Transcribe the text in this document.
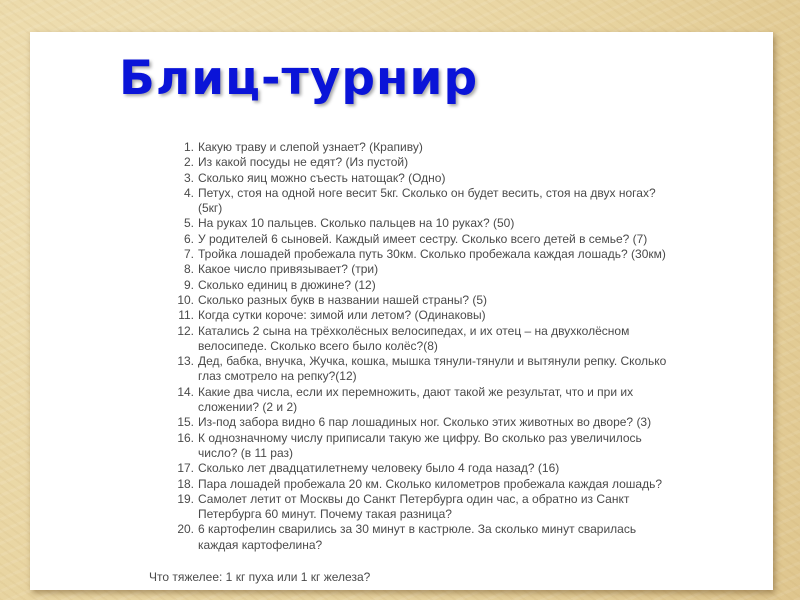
Блиц-турнир
1. Какую траву и слепой узнает? (Крапиву)
2. Из какой посуды не едят? (Из пустой)
3. Сколько яиц можно съесть натощак? (Одно)
4. Петух, стоя на одной ноге весит 5кг. Сколько он будет весить, стоя на двух ногах? (5кг)
5. На руках 10 пальцев. Сколько пальцев на 10 руках? (50)
6. У родителей 6 сыновей. Каждый имеет сестру. Сколько всего детей в семье? (7)
7. Тройка лошадей пробежала путь 30км. Сколько пробежала каждая лошадь? (30км)
8. Какое число привязывает? (три)
9. Сколько единиц в дюжине? (12)
10. Сколько разных букв в названии нашей страны? (5)
11. Когда сутки короче: зимой или летом? (Одинаковы)
12. Катались 2 сына на трёхколёсных велосипедах, и их отец – на двухколёсном велосипеде. Сколько всего было колёс?(8)
13. Дед, бабка, внучка, Жучка, кошка, мышка тянули-тянули и вытянули репку. Сколько глаз смотрело на репку?(12)
14. Какие два числа, если их перемножить, дают такой же результат, что и при их сложении? (2 и 2)
15. Из-под забора видно 6 пар лошадиных ног. Сколько этих животных во дворе? (3)
16. К однозначному числу приписали такую же цифру. Во сколько раз увеличилось число? (в 11 раз)
17. Сколько лет двадцатилетнему человеку было 4 года назад? (16)
18. Пара лошадей пробежала 20 км. Сколько километров пробежала каждая лошадь?
19. Самолет летит от Москвы до Санкт Петербурга один час, а обратно из Санкт Петербурга 60 минут. Почему такая разница?
20. 6 картофелин сварились за 30 минут в кастрюле. За сколько минут сварилась каждая картофелина?

Что тяжелее: 1 кг пуха или 1 кг железа?
